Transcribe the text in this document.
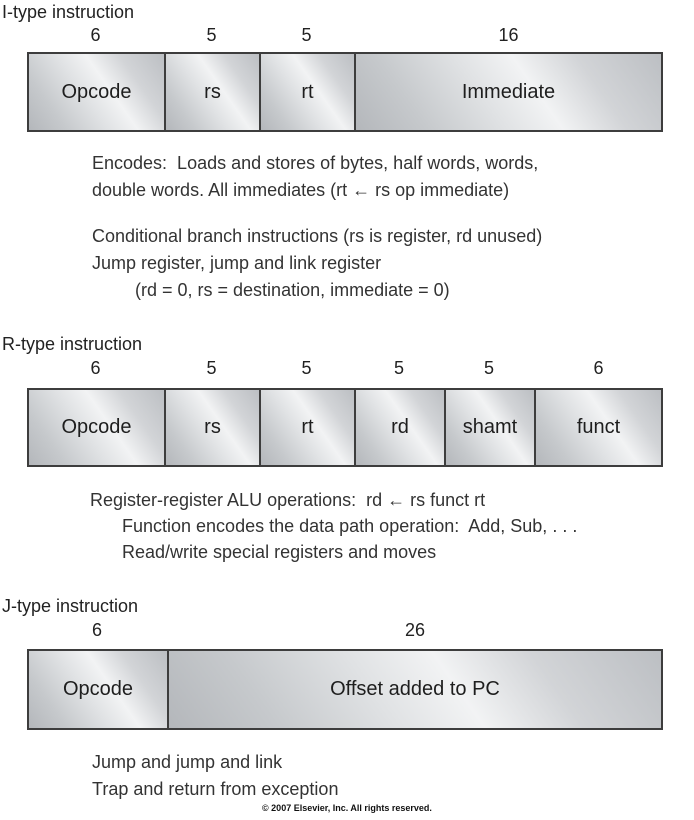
I-type instruction
6	5	5	16
Opcode	rs	rt	Immediate
Encodes:  Loads and stores of bytes, half words, words,
double words. All immediates (rt ← rs op immediate)
Conditional branch instructions (rs is register, rd unused)
Jump register, jump and link register
(rd = 0, rs = destination, immediate = 0)
R-type instruction
6	5	5	5	5	6
Opcode	rs	rt	rd	shamt	funct
Register-register ALU operations:  rd ← rs funct rt
Function encodes the data path operation:  Add, Sub, . . .
Read/write special registers and moves
J-type instruction
6	26
Opcode	Offset added to PC
Jump and jump and link
Trap and return from exception
© 2007 Elsevier, Inc. All rights reserved.
